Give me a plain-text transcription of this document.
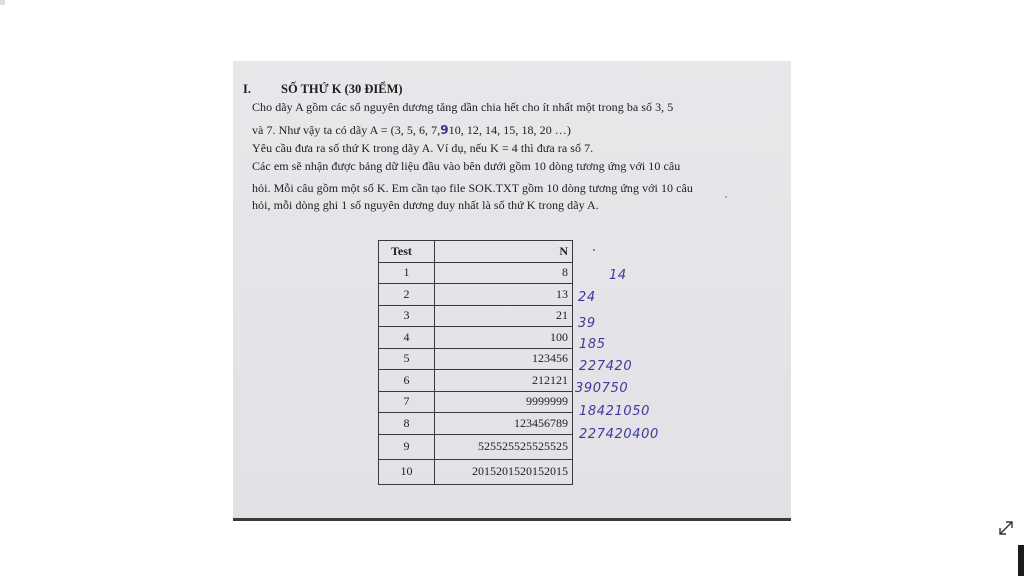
I. SỐ THỨ K (30 ĐIỂM)
Cho dãy A gồm các số nguyên dương tăng dần chia hết cho ít nhất một trong ba số 3, 5
và 7. Như vậy ta có dãy A = (3, 5, 6, 7,910, 12, 14, 15, 18, 20 …)
Yêu cầu đưa ra số thứ K trong dãy A. Ví dụ, nếu K = 4 thì đưa ra số 7.
Các em sẽ nhận được bảng dữ liệu đầu vào bên dưới gồm 10 dòng tương ứng với 10 câu
hỏi. Mỗi câu gồm một số K. Em cần tạo file SOK.TXT gồm 10 dòng tương ứng với 10 câu
hỏi, mỗi dòng ghi 1 số nguyên dương duy nhất là số thứ K trong dãy A.	ˋ
Test	N
1	8
2	13
3	21
4	100
5	123456
6	212121
7	9999999
8	123456789
9	525525525525525
10	2015201520152015
14
24
39
185
227420
390750
18421050
227420400
